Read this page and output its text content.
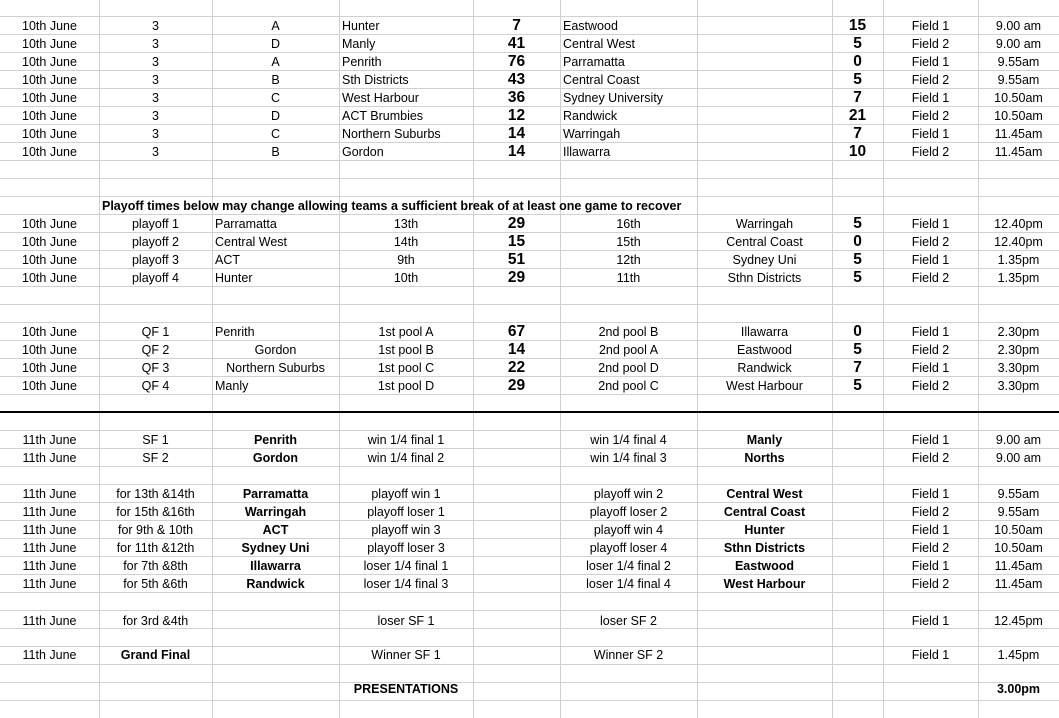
10th June	3	A	Hunter	7	Eastwood	15	Field 1	9.00 am
10th June	3	D	Manly	41	Central West	5	Field 2	9.00 am
10th June	3	A	Penrith	76	Parramatta	0	Field 1	9.55am
10th June	3	B	Sth Districts	43	Central Coast	5	Field 2	9.55am
10th June	3	C	West Harbour	36	Sydney University	7	Field 1	10.50am
10th June	3	D	ACT Brumbies	12	Randwick	21	Field 2	10.50am
10th June	3	C	Northern Suburbs	14	Warringah	7	Field 1	11.45am
10th June	3	B	Gordon	14	Illawarra	10	Field 2	11.45am
Playoff times below may change allowing teams a sufficient break of at least one game to recover
10th June	playoff 1	Parramatta	13th	29	16th	Warringah	5	Field 1	12.40pm
10th June	playoff 2	Central West	14th	15	15th	Central Coast	0	Field 2	12.40pm
10th June	playoff 3	ACT	9th	51	12th	Sydney Uni	5	Field 1	1.35pm
10th June	playoff 4	Hunter	10th	29	11th	Sthn Districts	5	Field 2	1.35pm
10th June	QF 1	Penrith	1st pool A	67	2nd pool B	Illawarra	0	Field 1	2.30pm
10th June	QF 2	Gordon	1st pool B	14	2nd pool A	Eastwood	5	Field 2	2.30pm
10th June	QF 3	Northern Suburbs	1st pool C	22	2nd pool D	Randwick	7	Field 1	3.30pm
10th June	QF 4	Manly	1st pool D	29	2nd pool C	West Harbour	5	Field 2	3.30pm
11th June	SF 1	Penrith	win 1/4 final 1	win 1/4 final 4	Manly	Field 1	9.00 am
11th June	SF 2	Gordon	win 1/4 final 2	win 1/4 final 3	Norths	Field 2	9.00 am
11th June	for 13th &14th	Parramatta	playoff win 1	playoff win 2	Central West	Field 1	9.55am
11th June	for 15th &16th	Warringah	playoff loser 1	playoff loser 2	Central Coast	Field 2	9.55am
11th June	for 9th & 10th	ACT	playoff win 3	playoff win 4	Hunter	Field 1	10.50am
11th June	for 11th &12th	Sydney Uni	playoff loser 3	playoff loser 4	Sthn Districts	Field 2	10.50am
11th June	for 7th &8th	Illawarra	loser 1/4 final 1	loser 1/4 final 2	Eastwood	Field 1	11.45am
11th June	for 5th &6th	Randwick	loser 1/4 final 3	loser 1/4 final 4	West Harbour	Field 2	11.45am
11th June	for 3rd &4th	loser SF 1	loser SF 2	Field 1	12.45pm
11th June	Grand Final	Winner SF 1	Winner SF 2	Field 1	1.45pm
PRESENTATIONS	3.00pm
